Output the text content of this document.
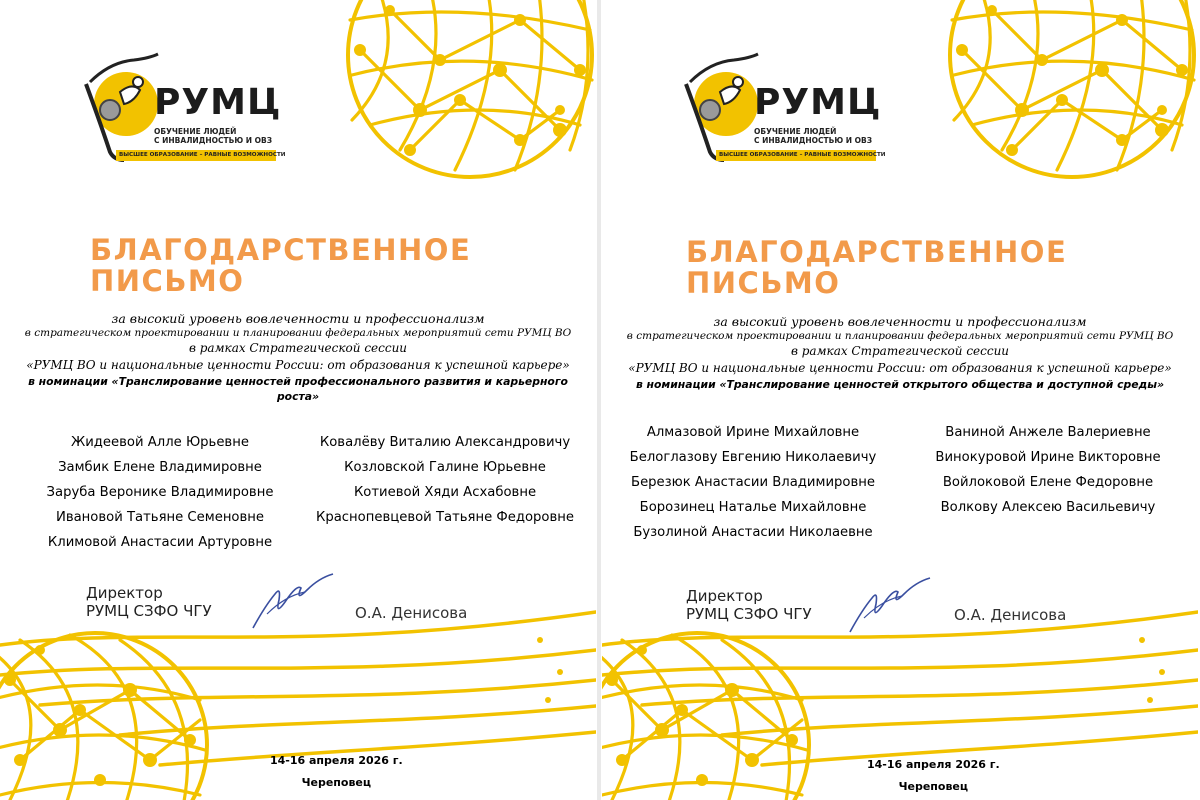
РУМЦ
ОБУЧЕНИЕ ЛЮДЕЙ
С ИНВАЛИДНОСТЬЮ И ОВЗ
ВЫСШЕЕ ОБРАЗОВАНИЕ – РАВНЫЕ ВОЗМОЖНОСТИ
БЛАГОДАРСТВЕННОЕ
ПИСЬМО
за высокий уровень вовлеченности и профессионализм
в стратегическом проектировании и планировании федеральных мероприятий сети РУМЦ ВО
в рамках Стратегической сессии
«РУМЦ ВО и национальные ценности России: от образования к успешной карьере»
в номинации «Транслирование ценностей профессионального развития и карьерного роста»
Жидеевой Алле Юрьевне
Замбик Елене Владимировне
Заруба Веронике Владимировне
Ивановой Татьяне Семеновне
Климовой Анастасии Артуровне
Ковалёву Виталию Александровичу
Козловской Галине Юрьевне
Котиевой Хяди Асхабовне
Краснопевцевой Татьяне Федоровне
Директор
РУМЦ СЗФО ЧГУ	О.А. Денисова
14-16 апреля 2026 г.
Череповец
РУМЦ
ОБУЧЕНИЕ ЛЮДЕЙ
С ИНВАЛИДНОСТЬЮ И ОВЗ
ВЫСШЕЕ ОБРАЗОВАНИЕ – РАВНЫЕ ВОЗМОЖНОСТИ
БЛАГОДАРСТВЕННОЕ
ПИСЬМО
за высокий уровень вовлеченности и профессионализм
в стратегическом проектировании и планировании федеральных мероприятий сети РУМЦ ВО
в рамках Стратегической сессии
«РУМЦ ВО и национальные ценности России: от образования к успешной карьере»
в номинации «Транслирование ценностей открытого общества и доступной среды»
Алмазовой Ирине Михайловне
Белоглазову Евгению Николаевичу
Березюк Анастасии Владимировне
Борозинец Наталье Михайловне
Бузолиной Анастасии Николаевне
Ваниной Анжеле Валериевне
Винокуровой Ирине Викторовне
Войлоковой Елене Федоровне
Волкову Алексею Васильевичу
Директор
РУМЦ СЗФО ЧГУ	О.А. Денисова
14-16 апреля 2026 г.
Череповец
